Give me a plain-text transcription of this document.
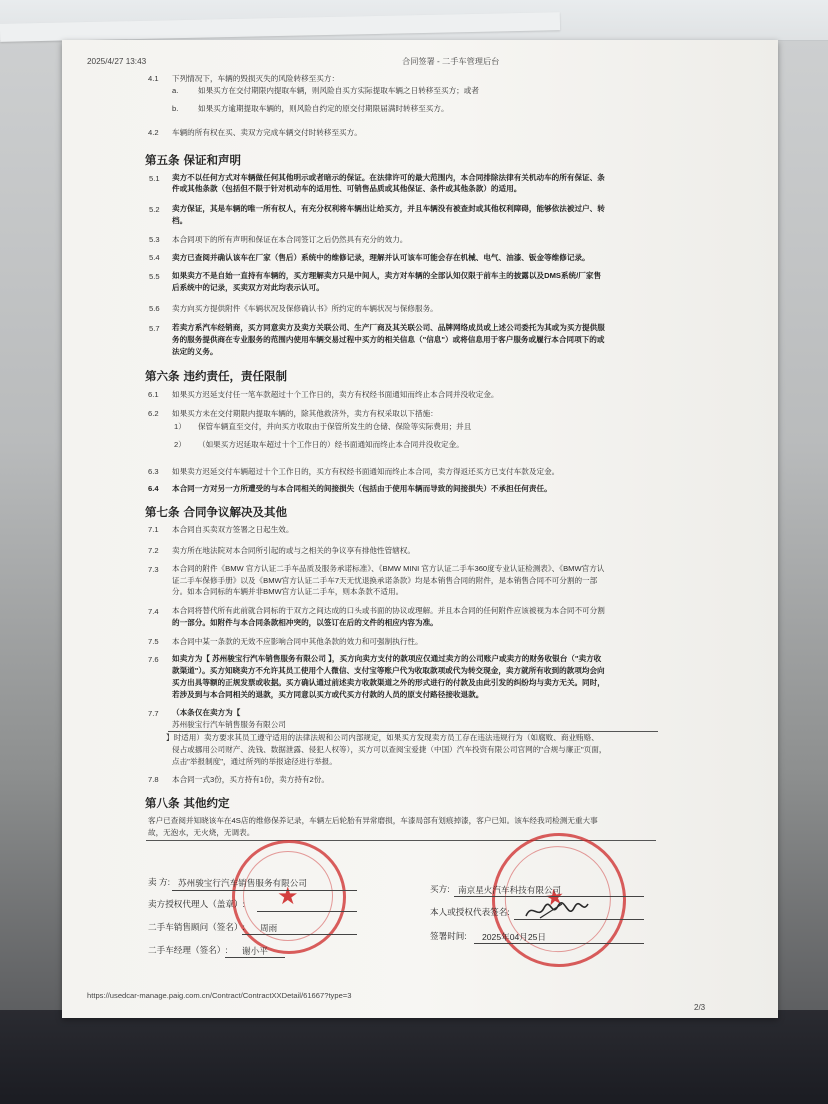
2025/4/27 13:43	合同签署 - 二手车管理后台
4.1 下列情况下，车辆的毁损灭失的风险转移至买方：
a.	如果买方在交付期限内提取车辆，则风险自买方实际提取车辆之日转移至买方；或者
b.	如果买方逾期提取车辆的，则风险自约定的原交付期限届满时转移至买方。
4.2 车辆的所有权在买、卖双方完成车辆交付时转移至买方。
第五条 保证和声明
5.1 卖方不以任何方式对车辆做任何其他明示或者暗示的保证。在法律许可的最大范围内，本合同排除法律有关机动车的所有保证、条
件或其他条款（包括但不限于针对机动车的适用性、可销售品质或其他保证、条件或其他条款）的适用。
5.2 卖方保证，其是车辆的唯一所有权人，有充分权利将车辆出让给买方，并且车辆没有被查封或其他权利障碍，能够依法被过户、转
档。
5.3 本合同项下的所有声明和保证在本合同签订之后仍然具有充分的效力。
5.4 卖方已查阅并确认该车在厂家（售后）系统中的维修记录，理解并认可该车可能会存在机械、电气、油漆、钣金等维修记录。
5.5 如果卖方不是自始一直持有车辆的，买方理解卖方只是中间人，卖方对车辆的全部认知仅限于前车主的披露以及DMS系统/厂家售
后系统中的记录，买卖双方对此均表示认可。
5.6 卖方向买方提供附件《车辆状况及保修确认书》所约定的车辆状况与保修服务。
5.7 若卖方系汽车经销商，买方同意卖方及卖方关联公司、生产厂商及其关联公司、品牌网络成员或上述公司委托为其或为买方提供服
务的服务提供商在专业服务的范围内使用车辆交易过程中买方的相关信息（"信息"）或将信息用于客户服务或履行本合同项下的或
法定的义务。
第六条 违约责任，责任限制
6.1 如果买方迟延支付任一笔车款超过十个工作日的，卖方有权经书面通知而终止本合同并没收定金。
6.2 如果买方未在交付期限内提取车辆的，除其他救济外，卖方有权采取以下措施：
1） 保管车辆直至交付，并向买方收取由于保管所发生的仓储、保险等实际费用；并且
2） （如果买方迟延取车超过十个工作日的）经书面通知而终止本合同并没收定金。
6.3 如果卖方迟延交付车辆超过十个工作日的，买方有权经书面通知而终止本合同，卖方得返还买方已支付车款及定金。
6.4 本合同一方对另一方所遭受的与本合同相关的间接损失（包括由于使用车辆而导致的间接损失）不承担任何责任。
第七条 合同争议解决及其他
7.1 本合同自买卖双方签署之日起生效。
7.2 卖方所在地法院对本合同所引起的或与之相关的争议享有排他性管辖权。
7.3 本合同的附件《BMW 官方认证二手车品质及服务承诺标准》、《BMW MINI 官方认证二手车360度专业认证检测表》、《BMW官方认
证二手车保修手册》以及《BMW官方认证二手车7天无忧退换承诺条款》均是本销售合同的附件，是本销售合同不可分割的一部
分。如本合同标的车辆并非BMW官方认证二手车，则本条款不适用。
7.4 本合同将替代所有此前就合同标的于双方之间达成的口头或书面的协议或理解。并且本合同的任何附件应该被视为本合同不可分割
的一部分。如附件与本合同条款相冲突的，以签订在后的文件的相应内容为准。
7.5 本合同中某一条款的无效不应影响合同中其他条款的效力和可强制执行性。
7.6 如卖方为【 苏州骏宝行汽车销售服务有限公司 】，买方向卖方支付的款项应仅通过卖方的公司账户或卖方的财务收银台（"卖方收
款渠道"）。买方知晓卖方不允许其员工使用个人微信、支付宝等账户代为收取款项或代为转交现金，卖方就所有收到的款项均会向
买方出具等额的正规发票或收据。买方确认通过前述卖方收款渠道之外的形式进行的付款及由此引发的纠纷均与卖方无关。同时，
若涉及到与本合同相关的退款，买方同意以买方或代买方付款的人员的原支付路径接收退款。
7.7 （本条仅在卖方为【
苏州骏宝行汽车销售服务有限公司
】时适用）卖方要求其员工遵守适用的法律法规和公司内部规定，如果买方发现卖方员工存在违法违规行为（如腐败、商业贿赂、
侵占或挪用公司财产、洗钱、数据泄露、侵犯人权等），买方可以查阅宝爱捷（中国）汽车投资有限公司官网的"合规与廉正"页面，
点击"举报制度"，通过所列的举报途径进行举报。
7.8 本合同一式3份，买方持有1份，卖方持有2份。
第八条 其他约定
客户已查阅并知晓该车在4S店的维修保养记录，车辆左后轮胎有异常磨损，车漆局部有划痕掉漆，客户已知。该车经我司检测无重大事
故，无泡水，无火烧，无调表。
★	★
卖 方: 苏州骏宝行汽车销售服务有限公司
卖方授权代理人（盖章）:
二手车销售顾问（签名）: 周雨
二手车经理（签名）: 谢小平
买方: 南京星火汽车科技有限公司
本人或授权代表签名:
签署时间: 2025年04月25日
https://usedcar-manage.paig.com.cn/Contract/ContractXXDetail/61667?type=3
2/3
